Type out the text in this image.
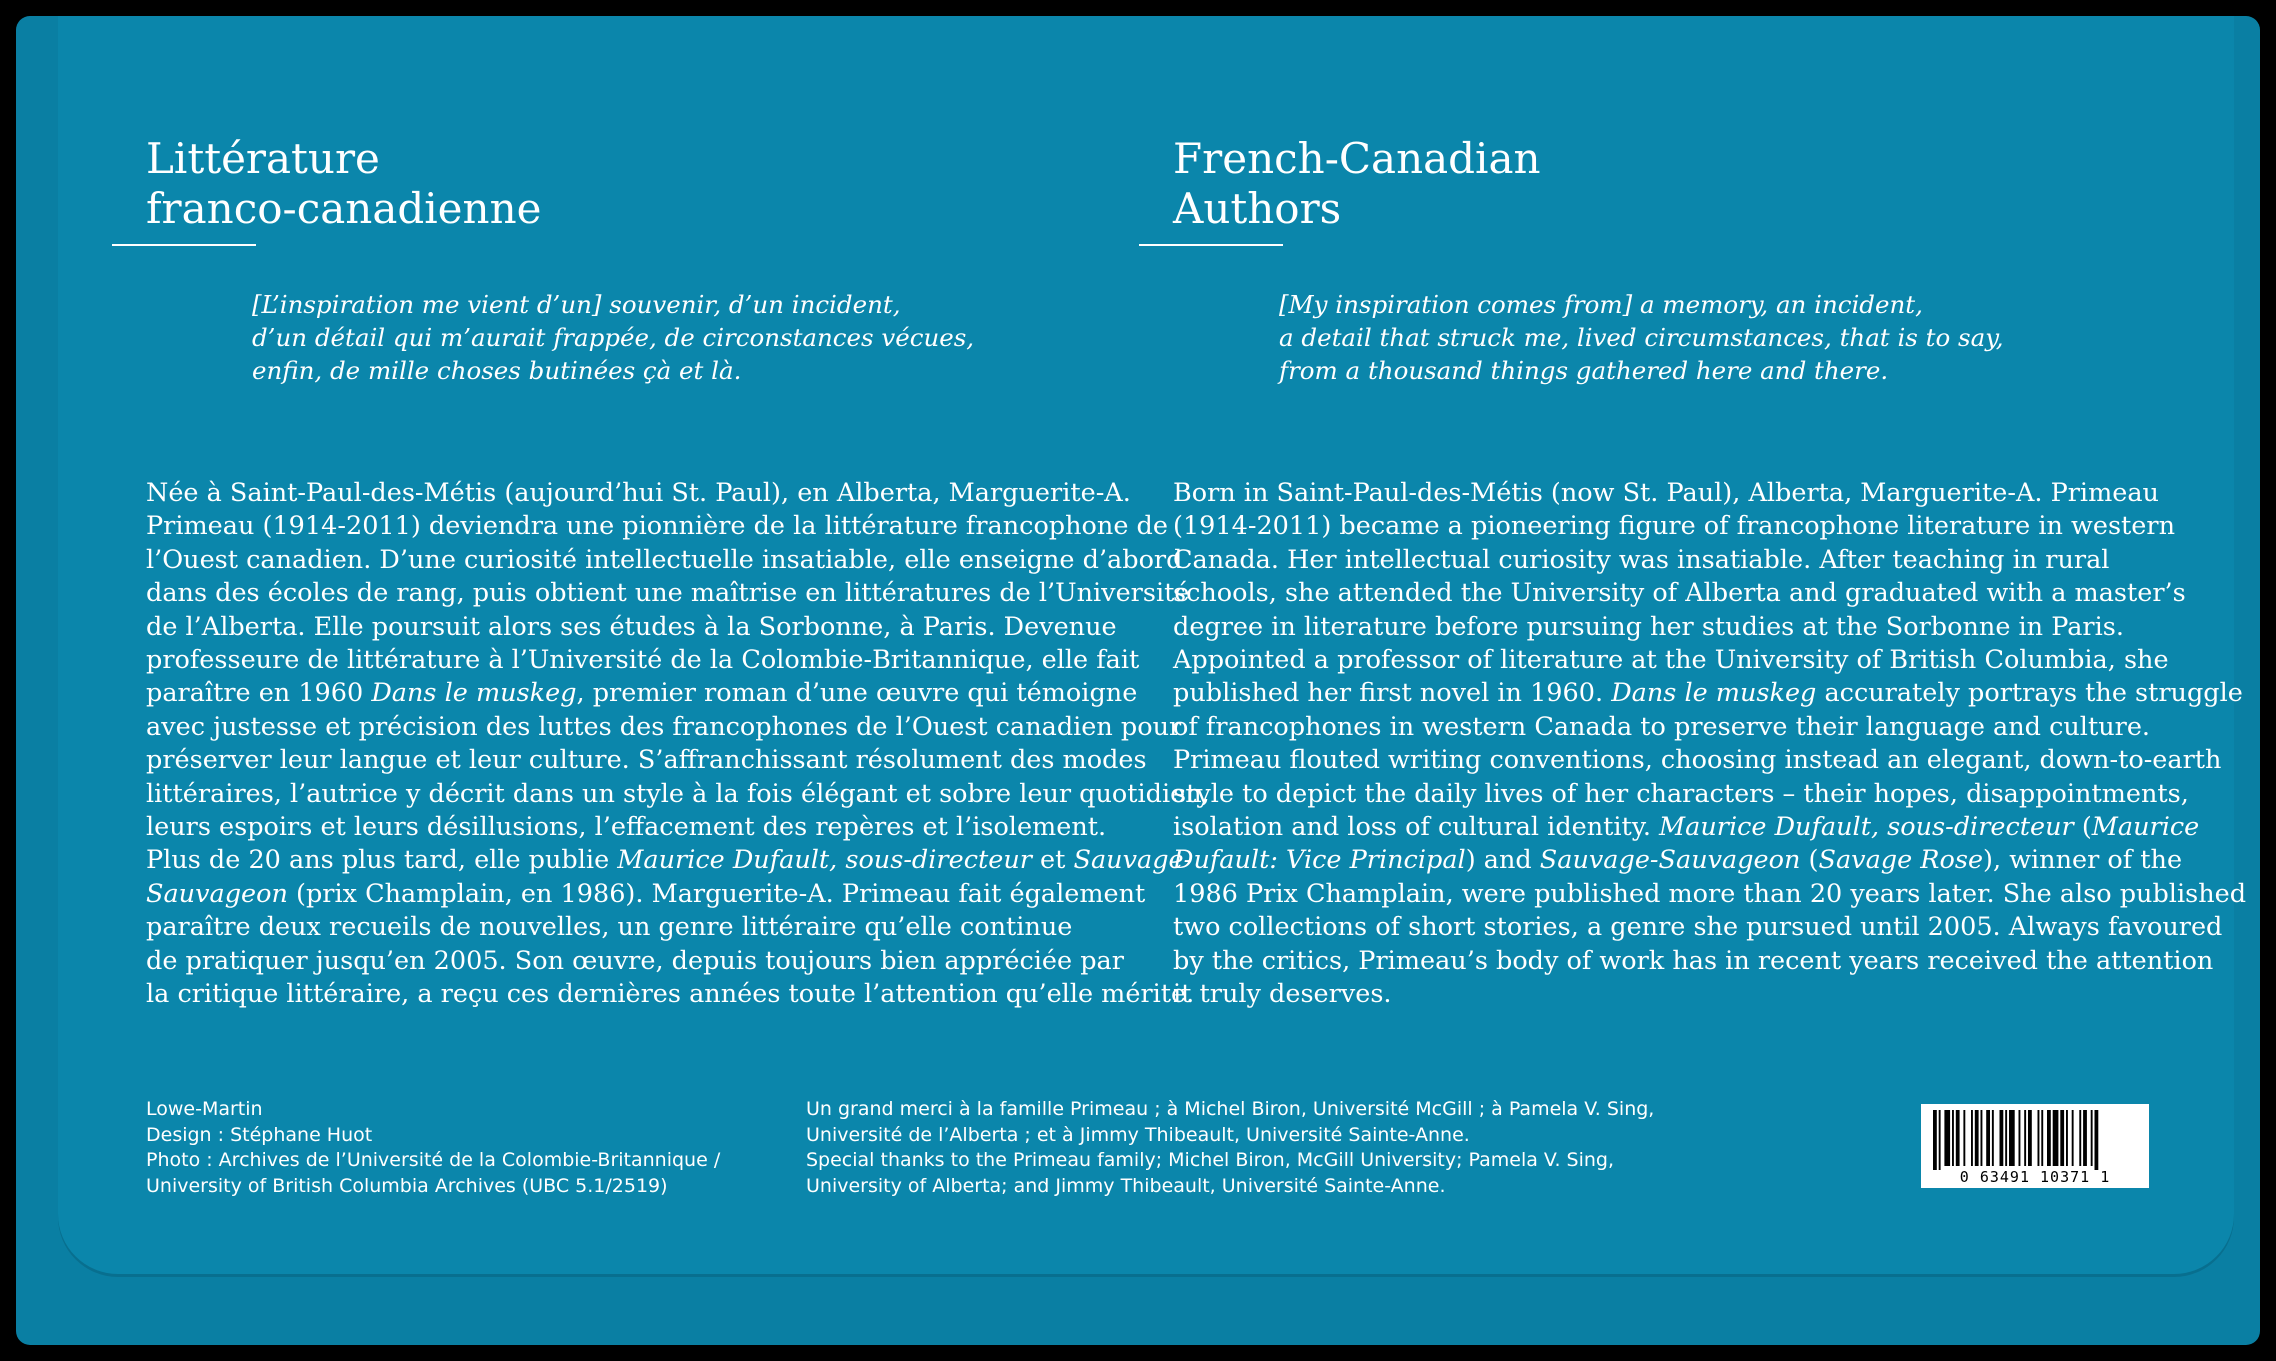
Littérature
franco-canadienne

[L’inspiration me vient d’un] souvenir, d’un incident,
d’un détail qui m’aurait frappée, de circonstances vécues,
enfin, de mille choses butinées çà et là.

Née à Saint-Paul-des-Métis (aujourd’hui St. Paul), en Alberta, Marguerite-A.
Primeau (1914-2011) deviendra une pionnière de la littérature francophone de
l’Ouest canadien. D’une curiosité intellectuelle insatiable, elle enseigne d’abord
dans des écoles de rang, puis obtient une maîtrise en littératures de l’Université
de l’Alberta. Elle poursuit alors ses études à la Sorbonne, à Paris. Devenue
professeure de littérature à l’Université de la Colombie-Britannique, elle fait
paraître en 1960 Dans le muskeg, premier roman d’une œuvre qui témoigne
avec justesse et précision des luttes des francophones de l’Ouest canadien pour
préserver leur langue et leur culture. S’affranchissant résolument des modes
littéraires, l’autrice y décrit dans un style à la fois élégant et sobre leur quotidien,
leurs espoirs et leurs désillusions, l’effacement des repères et l’isolement.
Plus de 20 ans plus tard, elle publie Maurice Dufault, sous-directeur et Sauvage-
Sauvageon (prix Champlain, en 1986). Marguerite-A. Primeau fait également
paraître deux recueils de nouvelles, un genre littéraire qu’elle continue
de pratiquer jusqu’en 2005. Son œuvre, depuis toujours bien appréciée par
la critique littéraire, a reçu ces dernières années toute l’attention qu’elle mérite.

French-Canadian
Authors

[My inspiration comes from] a memory, an incident,
a detail that struck me, lived circumstances, that is to say,
from a thousand things gathered here and there.

Born in Saint-Paul-des-Métis (now St. Paul), Alberta, Marguerite-A. Primeau
(1914-2011) became a pioneering figure of francophone literature in western
Canada. Her intellectual curiosity was insatiable. After teaching in rural
schools, she attended the University of Alberta and graduated with a master’s
degree in literature before pursuing her studies at the Sorbonne in Paris.
Appointed a professor of literature at the University of British Columbia, she
published her first novel in 1960. Dans le muskeg accurately portrays the struggle
of francophones in western Canada to preserve their language and culture.
Primeau flouted writing conventions, choosing instead an elegant, down-to-earth
style to depict the daily lives of her characters – their hopes, disappointments,
isolation and loss of cultural identity. Maurice Dufault, sous-directeur (Maurice
Dufault: Vice Principal) and Sauvage-Sauvageon (Savage Rose), winner of the
1986 Prix Champlain, were published more than 20 years later. She also published
two collections of short stories, a genre she pursued until 2005. Always favoured
by the critics, Primeau’s body of work has in recent years received the attention
it truly deserves.

Lowe-Martin
Design : Stéphane Huot
Photo : Archives de l’Université de la Colombie-Britannique /
University of British Columbia Archives (UBC 5.1/2519)

Un grand merci à la famille Primeau ; à Michel Biron, Université McGill ; à Pamela V. Sing,
Université de l’Alberta ; et à Jimmy Thibeault, Université Sainte-Anne.
Special thanks to the Primeau family; Michel Biron, McGill University; Pamela V. Sing,
University of Alberta; and Jimmy Thibeault, Université Sainte-Anne.	0 63491 10371 1
